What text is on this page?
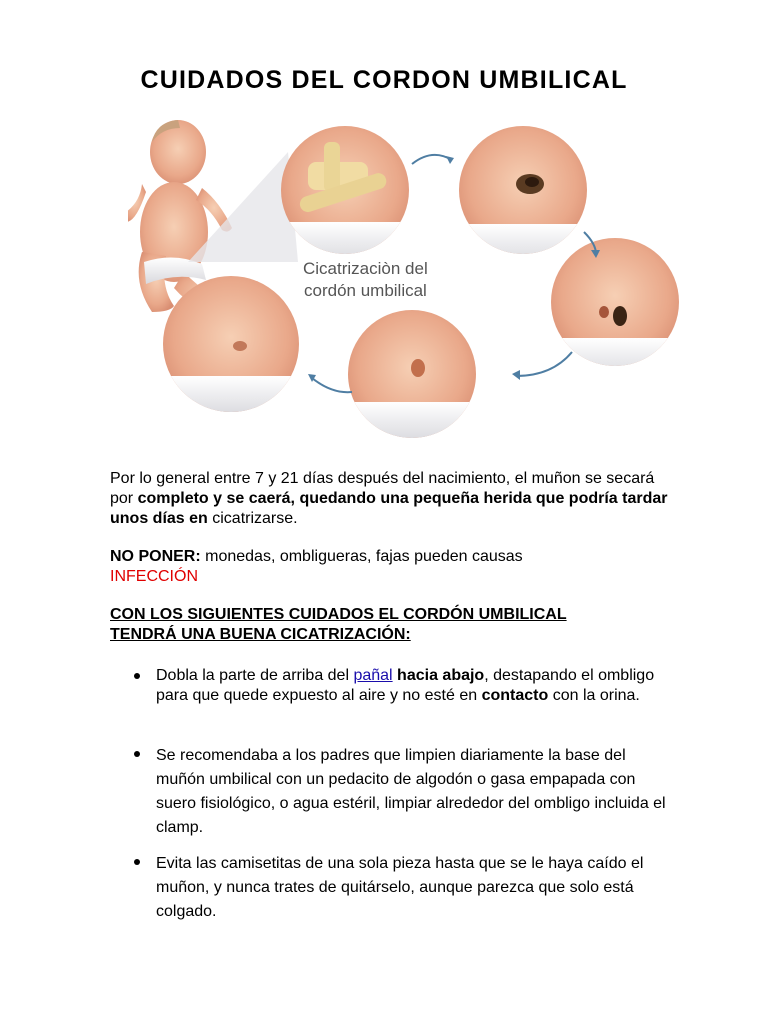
CUIDADOS DEL CORDON UMBILICAL
Cicatrizaciòn del
cordón umbilical
Por lo general entre 7 y 21 días después del nacimiento, el muñon se secará por completo y se caerá, quedando una pequeña herida que podría tardar unos días en cicatrizarse.
NO PONER: monedas, ombligueras, fajas pueden causas
INFECCIÓN
CON LOS SIGUIENTES CUIDADOS EL CORDÓN UMBILICAL
TENDRÁ UNA BUENA CICATRIZACIÓN:
Dobla la parte de arriba del pañal hacia abajo, destapando el ombligo para que quede expuesto al aire y no esté en contacto con la orina.
Se recomendaba a los padres que limpien diariamente la base del muñón umbilical con un pedacito de algodón o gasa empapada con suero fisiológico, o agua estéril, limpiar alrededor del ombligo incluida el clamp.
Evita las camisetitas de una sola pieza hasta que se le haya caído el muñon, y nunca trates de quitárselo, aunque parezca que solo está colgado.
